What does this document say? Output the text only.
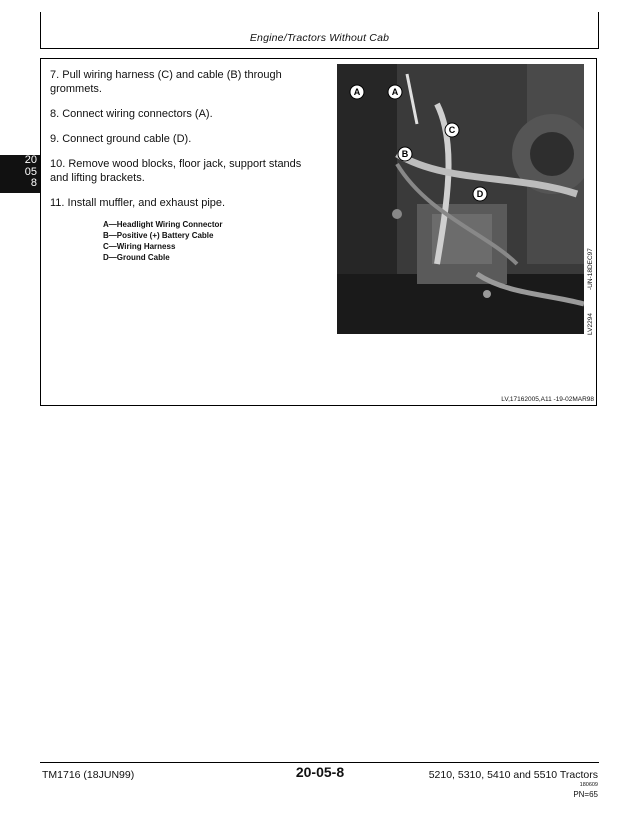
Engine/Tractors Without Cab
20
05
8
7. Pull wiring harness (C) and cable (B) through grommets.
8. Connect wiring connectors (A).
9. Connect ground cable (D).
10. Remove wood blocks, floor jack, support stands and lifting brackets.
11. Install muffler, and exhaust pipe.
A—Headlight Wiring Connector
B—Positive (+) Battery Cable
C—Wiring Harness
D—Ground Cable
A
A
B
C
D
-UN-18DEC97
LV2294
LV,17162005,A11 -19-02MAR98
TM1716 (18JUN99)	20-05-8	5210, 5310, 5410 and 5510 Tractors
180609
PN=65
